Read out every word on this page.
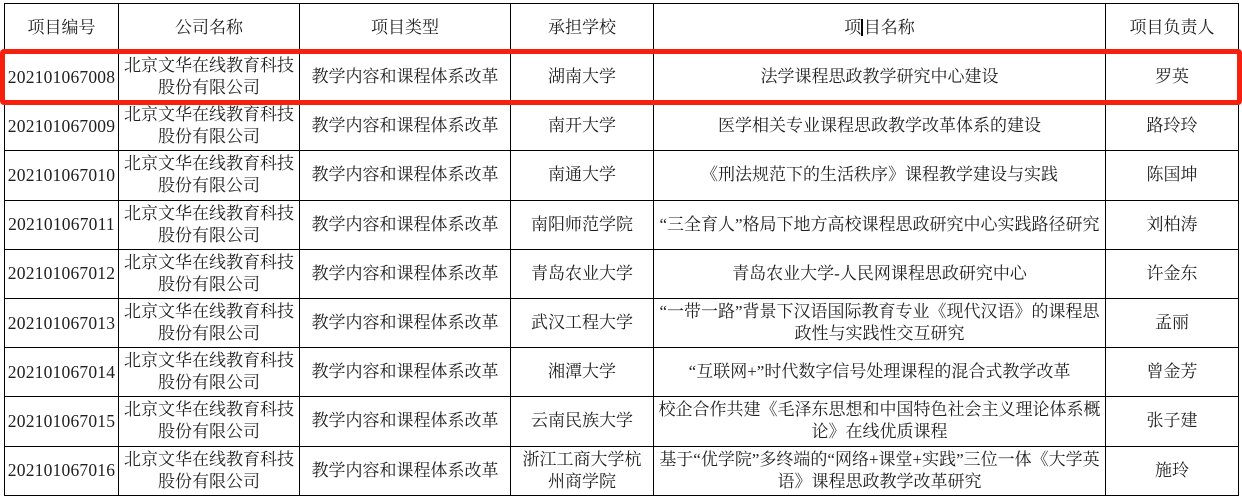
项目编号	公司名称	项目类型	承担学校	项 目名称	项目负责人
202101067008	北京文华在线教育科技股份有限公司	教学内容和课程体系改革	湖南大学	法学课程思政教学研究中心建设	罗英
202101067009	北京文华在线教育科技股份有限公司	教学内容和课程体系改革	南开大学	医学相关专业课程思政教学改革体系的建设	路玲玲
202101067010	北京文华在线教育科技股份有限公司	教学内容和课程体系改革	南通大学	《刑法规范下的生活秩序》课程教学建设与实践	陈国坤
202101067011	北京文华在线教育科技股份有限公司	教学内容和课程体系改革	南阳师范学院	“三全育人”格局下地方高校课程思政研究中心实践路径研究	刘柏涛
202101067012	北京文华在线教育科技股份有限公司	教学内容和课程体系改革	青岛农业大学	青岛农业大学-人民网课程思政研究中心	许金东
202101067013	北京文华在线教育科技股份有限公司	教学内容和课程体系改革	武汉工程大学	“一带一路”背景下汉语国际教育专业《现代汉语》的课程思政性与实践性交互研究	孟丽
202101067014	北京文华在线教育科技股份有限公司	教学内容和课程体系改革	湘潭大学	“互联网+”时代数字信号处理课程的混合式教学改革	曾金芳
202101067015	北京文华在线教育科技股份有限公司	教学内容和课程体系改革	云南民族大学	校企合作共建《毛泽东思想和中国特色社会主义理论体系概论》在线优质课程	张子建
202101067016	北京文华在线教育科技股份有限公司	教学内容和课程体系改革	浙江工商大学杭州商学院	基于“优学院”多终端的“网络+课堂+实践”三位一体《大学英语》课程思政教学改革研究	施玲
